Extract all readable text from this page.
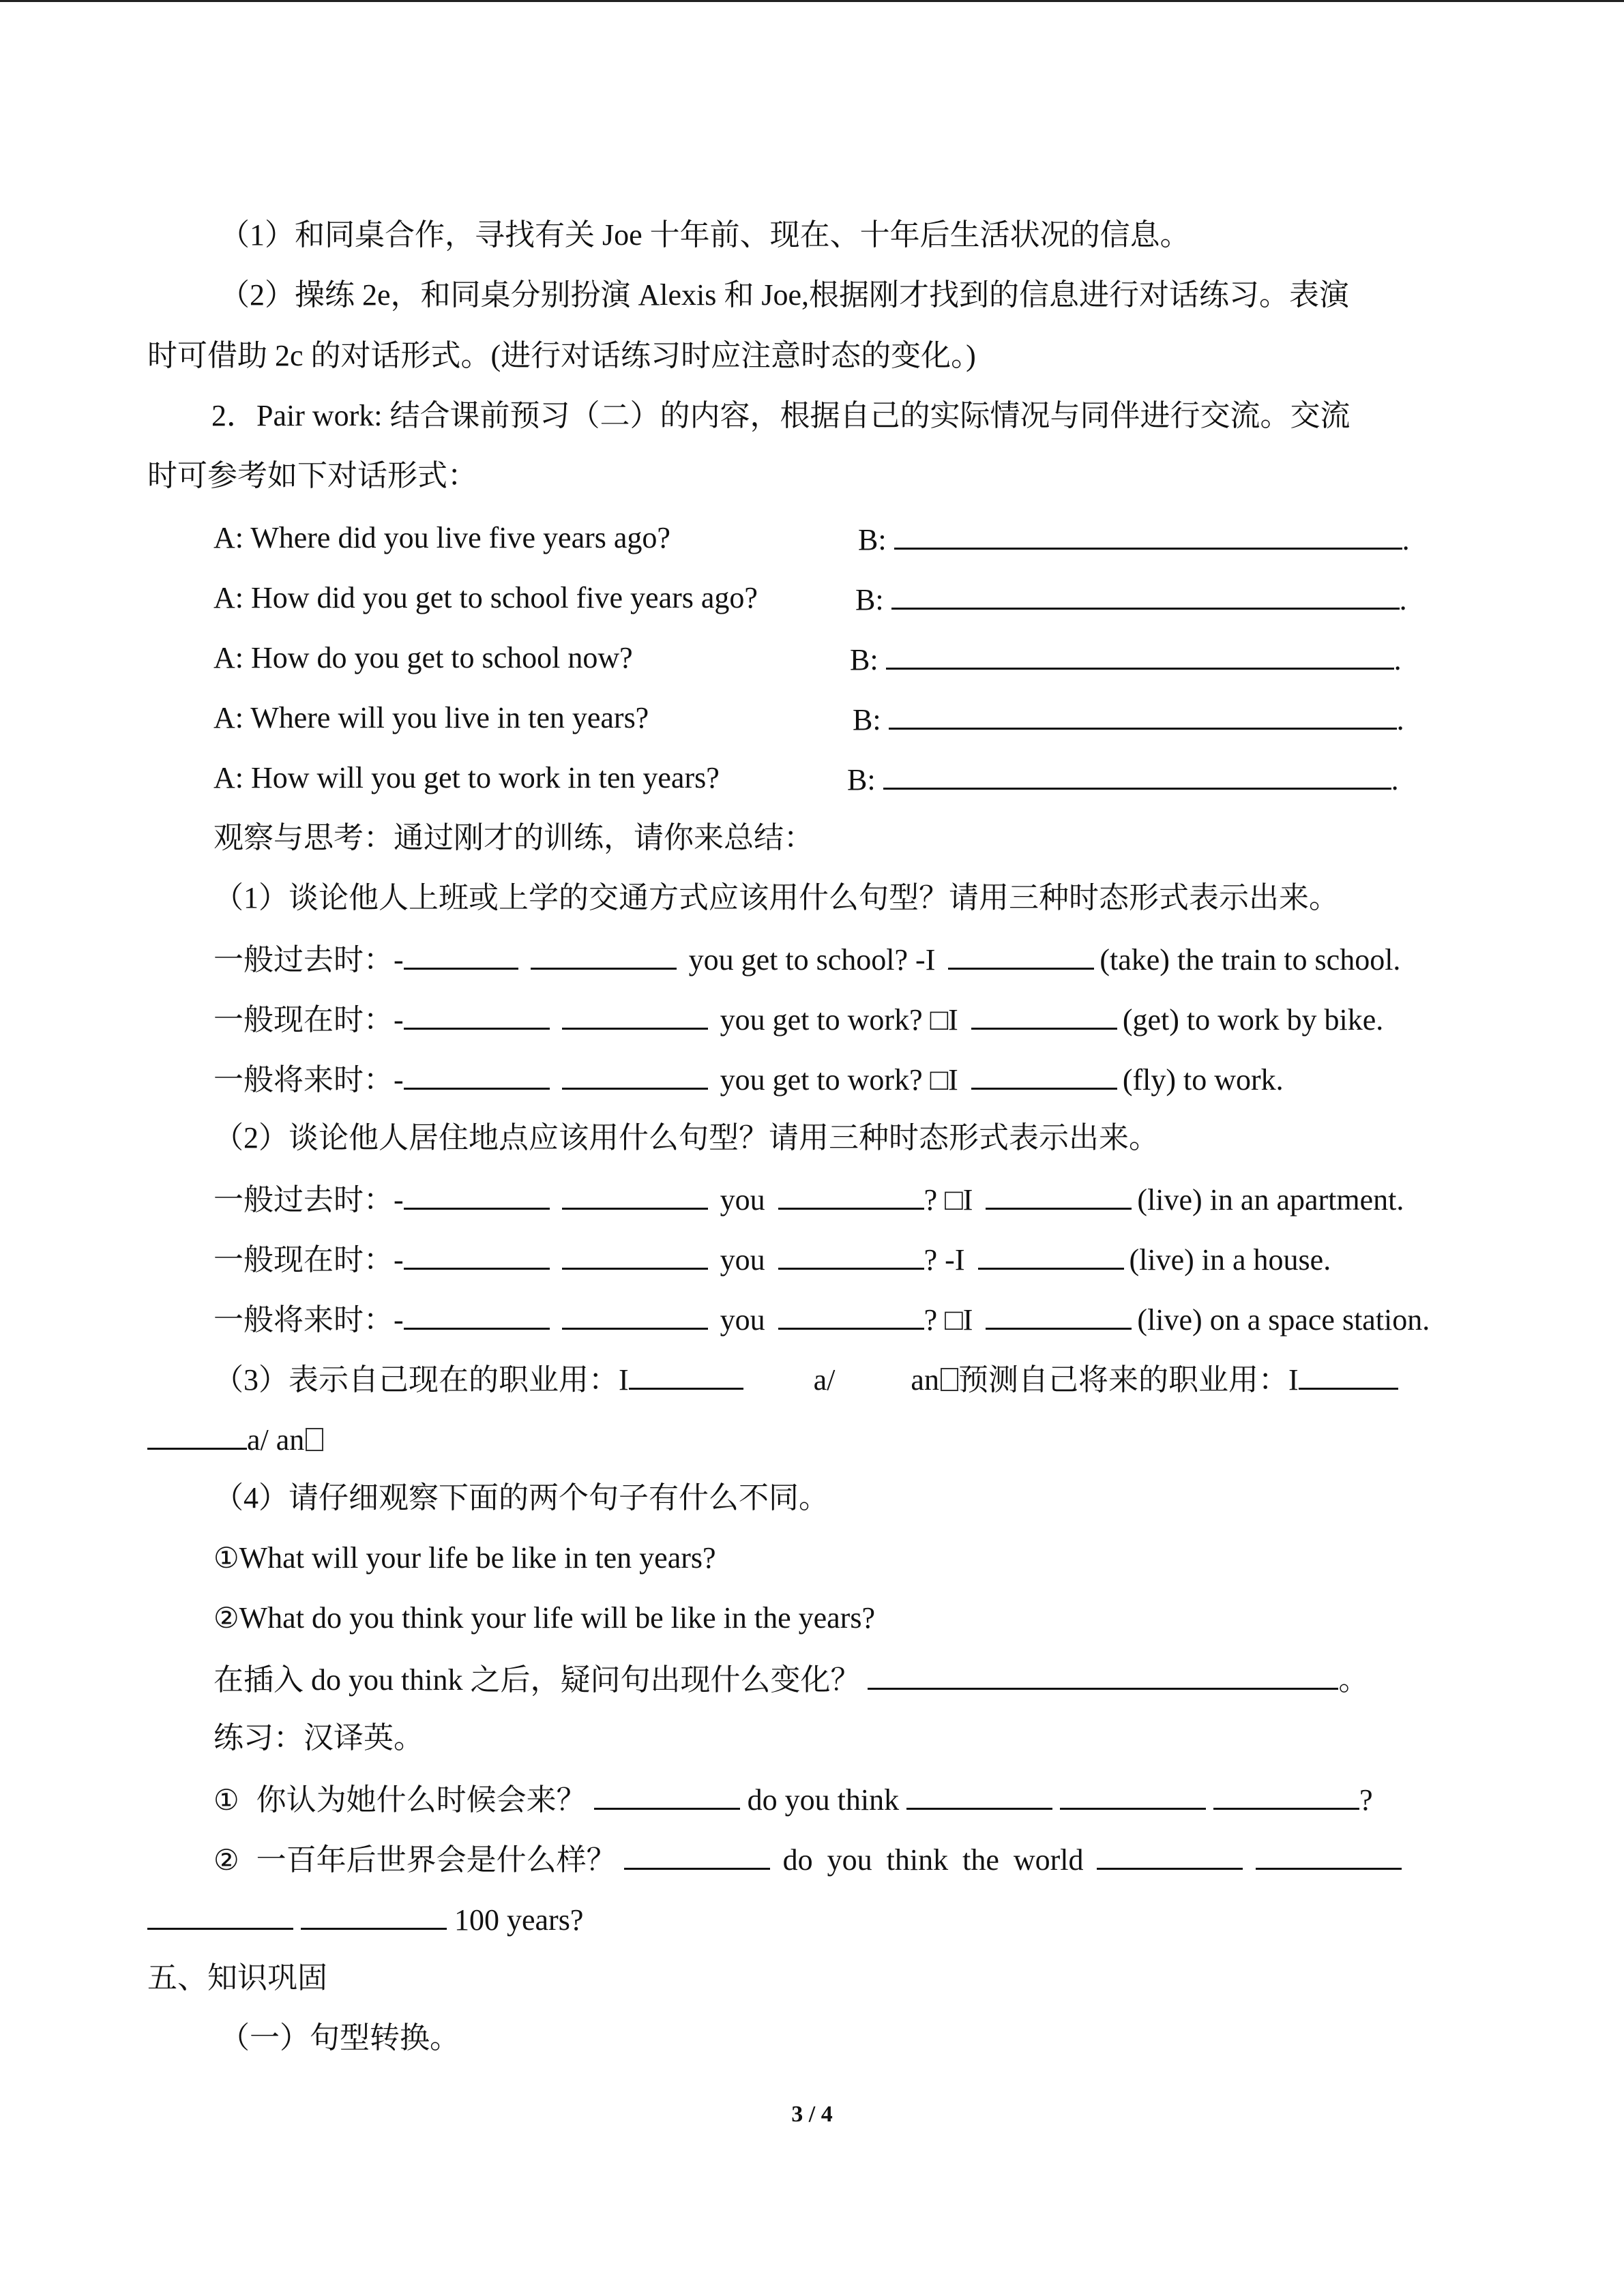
（1）和同桌合作，寻找有关 Joe 十年前、现在、十年后生活状况的信息。
（2）操练 2e，和同桌分别扮演 Alexis 和 Joe,根据刚才找到的信息进行对话练习。表演
时可借助 2c 的对话形式。(进行对话练习时应注意时态的变化。)
2．Pair work: 结合课前预习（二）的内容，根据自己的实际情况与同伴进行交流。交流
时可参考如下对话形式：
A: Where did you live five years ago?	B:	.
A: How did you get to school five years ago?	B:	.
A: How do you get to school now?	B:	.
A: Where will you live in ten years?	B:	.
A: How will you get to work in ten years?	B:	.
观察与思考：通过刚才的训练，请你来总结：
（1）谈论他人上班或上学的交通方式应该用什么句型？请用三种时态形式表示出来。
一般过去时：-	you get to school? -I	(take) the train to school.
一般现在时：-	you get to work? □I	(get) to work by bike.
一般将来时：-	you get to work? □I	(fly) to work.
（2）谈论他人居住地点应该用什么句型？请用三种时态形式表示出来。
一般过去时：-	you	? □I	(live) in an apartment.
一般现在时：-	you	? -I	(live) in a house.
一般将来时：-	you	? □I	(live) on a space station.
（3）表示自己现在的职业用：I	a/	an 预测自己将来的职业用：I
a/ an
（4）请仔细观察下面的两个句子有什么不同。
①What will your life be like in ten years?
②What do you think your life will be like in the years?
在插入 do you think 之后，疑问句出现什么变化？	。
练习：汉译英。
① 你认为她什么时候会来？	do you think	?
② 一百年后世界会是什么样？	do you think the world
100 years?
五、知识巩固
（一）句型转换。
3 / 4
